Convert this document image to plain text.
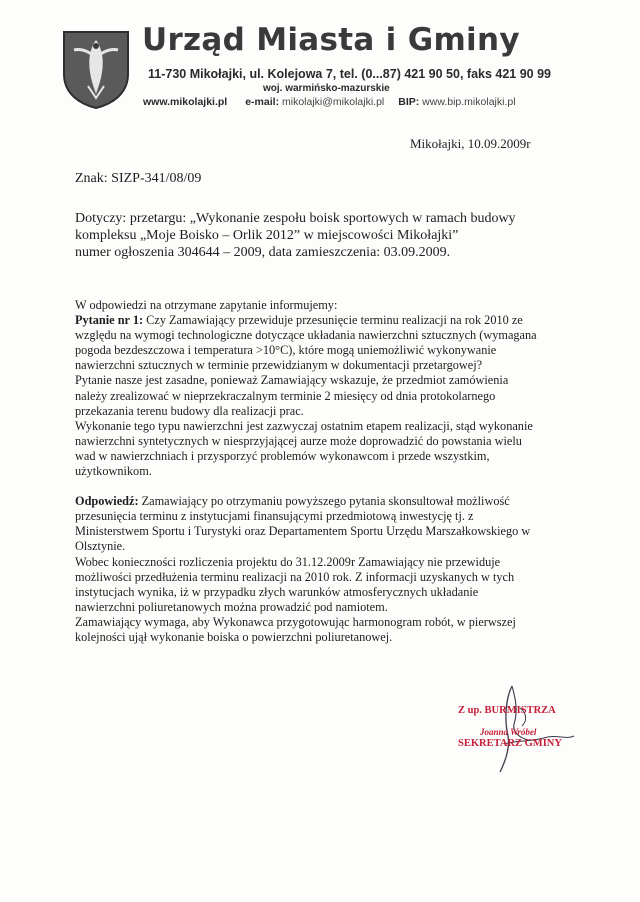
Urząd Miasta i Gminy
11-730 Mikołajki, ul. Kolejowa 7, tel. (0...87) 421 90 50, faks 421 90 99
woj. warmińsko-mazurskie
www.mikolajki.pl e-mail: mikolajki@mikolajki.pl BIP: www.bip.mikolajki.pl
Mikołajki, 10.09.2009r
Znak: SIZP-341/08/09
Dotyczy: przetargu: „Wykonanie zespołu boisk sportowych w ramach budowy
kompleksu „Moje Boisko – Orlik 2012” w miejscowości Mikołajki”
numer ogłoszenia 304644 – 2009, data zamieszczenia: 03.09.2009.
W odpowiedzi na otrzymane zapytanie informujemy:
Pytanie nr 1: Czy Zamawiający przewiduje przesunięcie terminu realizacji na rok 2010 ze
względu na wymogi technologiczne dotyczące układania nawierzchni sztucznych (wymagana
pogoda bezdeszczowa i temperatura >10°C), które mogą uniemożliwić wykonywanie
nawierzchni sztucznych w terminie przewidzianym w dokumentacji przetargowej?
Pytanie nasze jest zasadne, ponieważ Zamawiający wskazuje, że przedmiot zamówienia
należy zrealizować w nieprzekraczalnym terminie 2 miesięcy od dnia protokolarnego
przekazania terenu budowy dla realizacji prac.
Wykonanie tego typu nawierzchni jest zazwyczaj ostatnim etapem realizacji, stąd wykonanie
nawierzchni syntetycznych w niesprzyjającej aurze może doprowadzić do powstania wielu
wad w nawierzchniach i przysporzyć problemów wykonawcom i przede wszystkim,
użytkownikom.
Odpowiedź: Zamawiający po otrzymaniu powyższego pytania skonsultował możliwość
przesunięcia terminu z instytucjami finansującymi przedmiotową inwestycję tj. z
Ministerstwem Sportu i Turystyki oraz Departamentem Sportu Urzędu Marszałkowskiego w
Olsztynie.
Wobec konieczności rozliczenia projektu do 31.12.2009r Zamawiający nie przewiduje
możliwości przedłużenia terminu realizacji na 2010 rok. Z informacji uzyskanych w tych
instytucjach wynika, iż w przypadku złych warunków atmosferycznych układanie
nawierzchni poliuretanowych można prowadzić pod namiotem.
Zamawiający wymaga, aby Wykonawca przygotowując harmonogram robót, w pierwszej
kolejności ujął wykonanie boiska o powierzchni poliuretanowej.
Z up. BURMISTRZA
Joanna Wróbel
SEKRETARZ GMINY
